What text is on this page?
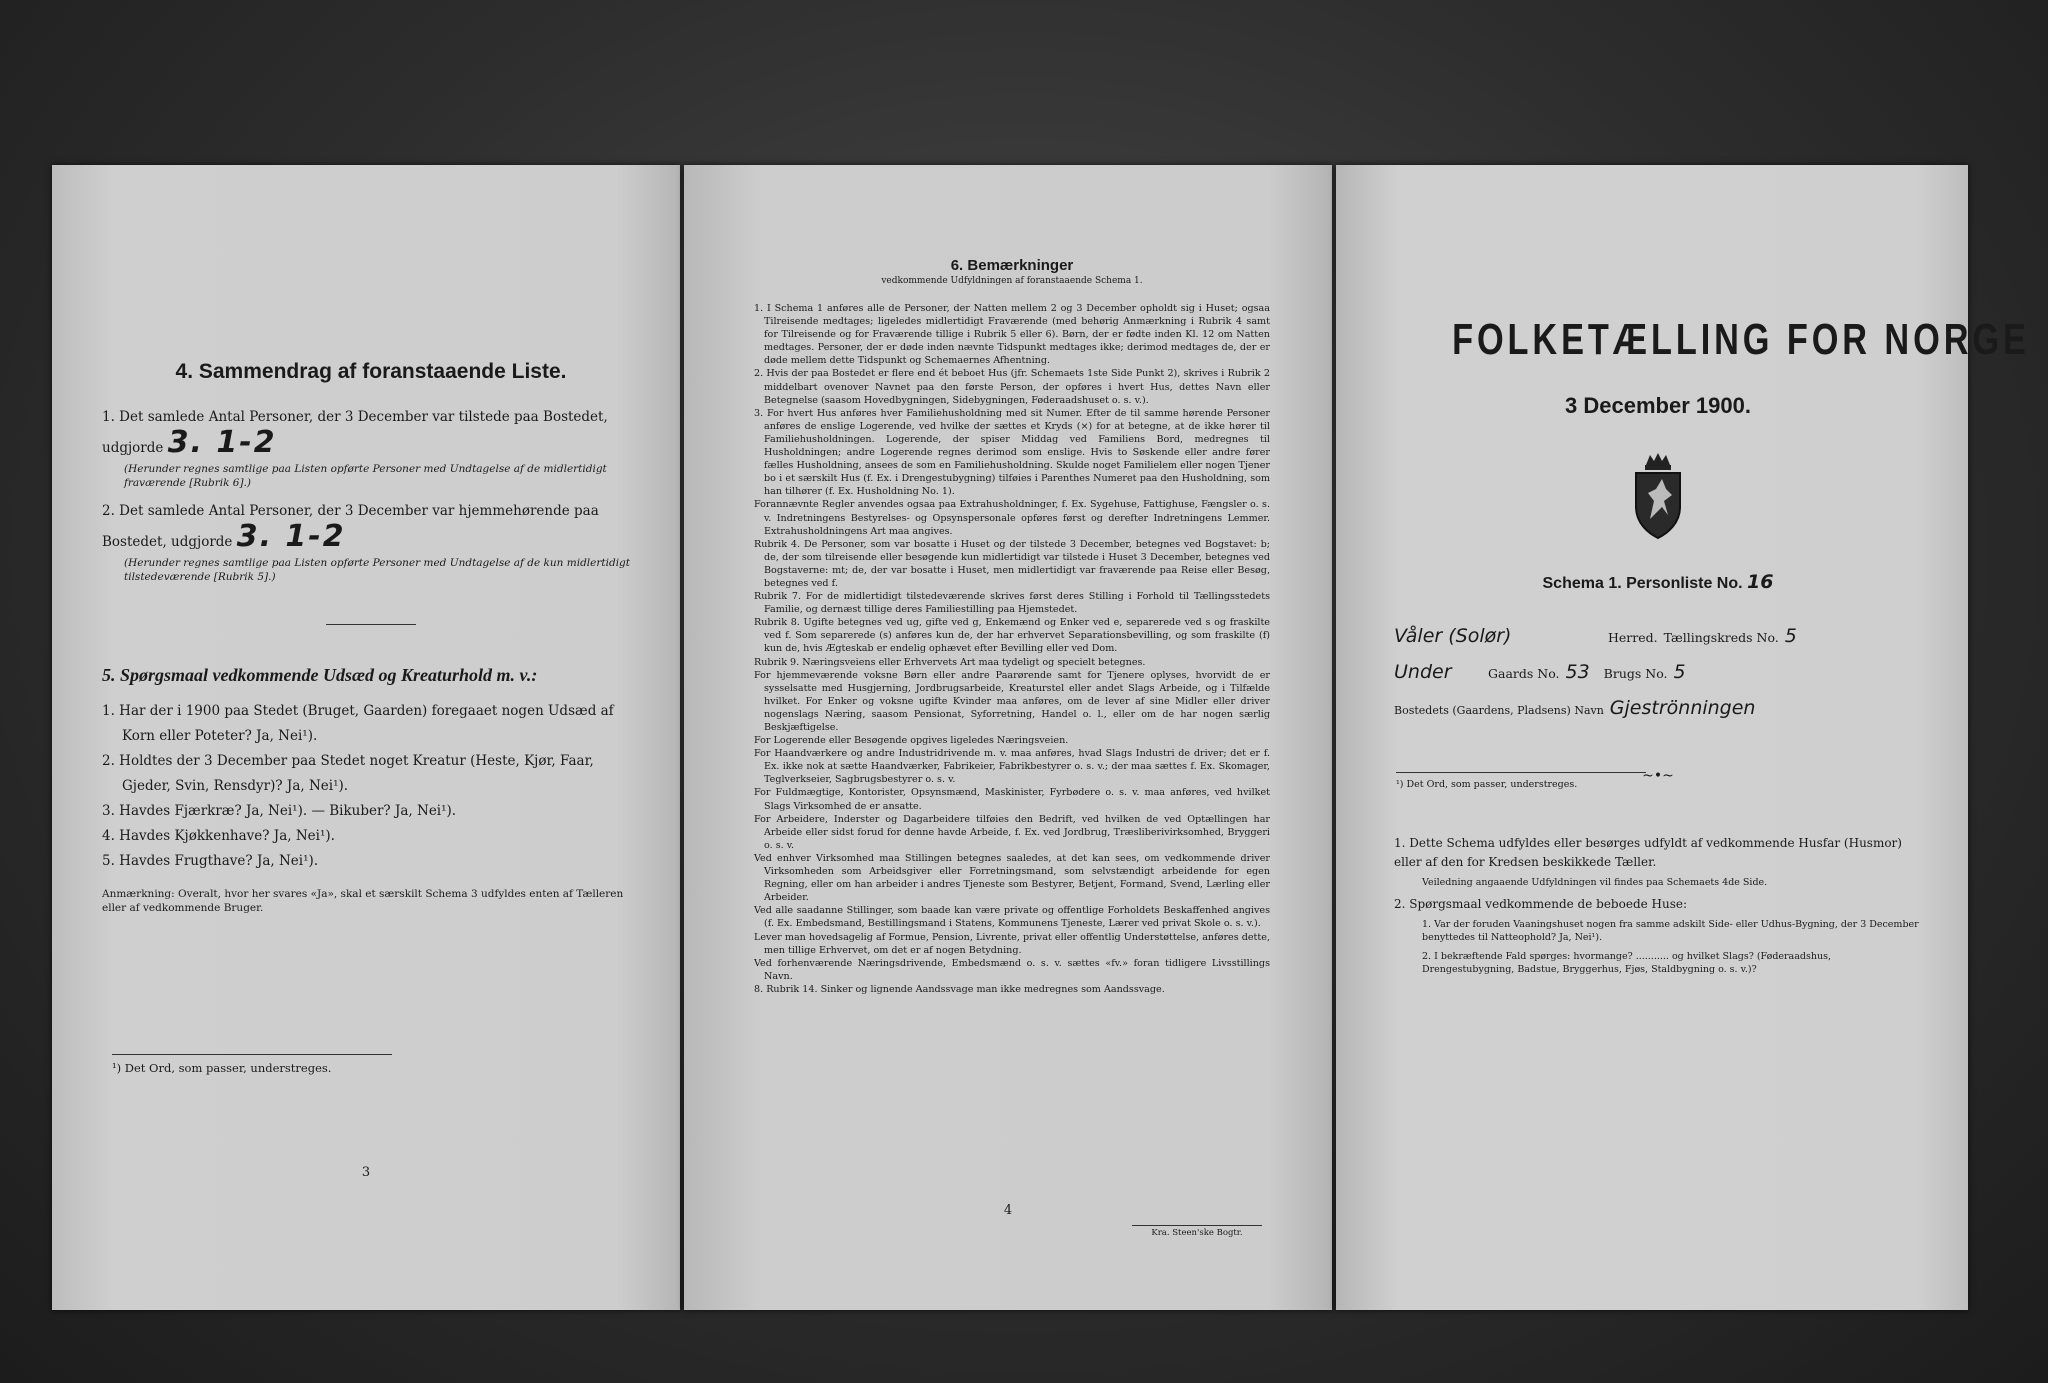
4. Sammendrag af foranstaaende Liste.
1. Det samlede Antal Personer, der 3 December var tilstede paa Bostedet,
udgjorde 3. 1-2
(Herunder regnes samtlige paa Listen opførte Personer med Undtagelse af de midlertidigt fraværende [Rubrik 6].)
2. Det samlede Antal Personer, der 3 December var hjemmehørende paa
Bostedet, udgjorde 3. 1-2
(Herunder regnes samtlige paa Listen opførte Personer med Undtagelse af de kun midlertidigt tilstedeværende [Rubrik 5].)
5. Spørgsmaal vedkommende Udsæd og Kreaturhold m. v.:
1. Har der i 1900 paa Stedet (Bruget, Gaarden) foregaaet nogen Udsæd af
Korn eller Poteter? Ja, Nei¹).
2. Holdtes der 3 December paa Stedet noget Kreatur (Heste, Kjør, Faar,
Gjeder, Svin, Rensdyr)? Ja, Nei¹).
3. Havdes Fjærkræ? Ja, Nei¹). — Bikuber? Ja, Nei¹).
4. Havdes Kjøkkenhave? Ja, Nei¹).
5. Havdes Frugthave? Ja, Nei¹).
Anmærkning: Overalt, hvor her svares «Ja», skal et særskilt Schema 3 udfyldes enten af Tælleren eller af vedkommende Bruger.
¹) Det Ord, som passer, understreges.
3
6. Bemærkninger
vedkommende Udfyldningen af foranstaaende Schema 1.
1. I Schema 1 anføres alle de Personer, der Natten mellem 2 og 3 December opholdt sig i Huset; ogsaa Tilreisende medtages; ligeledes midlertidigt Fraværende (med behørig Anmærkning i Rubrik 4 samt for Tilreisende og for Fraværende tillige i Rubrik 5 eller 6). Børn, der er fødte inden Kl. 12 om Natten medtages. Personer, der er døde inden nævnte Tidspunkt medtages ikke; derimod medtages de, der er døde mellem dette Tidspunkt og Schemaernes Afhentning.
2. Hvis der paa Bostedet er flere end ét beboet Hus (jfr. Schemaets 1ste Side Punkt 2), skrives i Rubrik 2 middelbart ovenover Navnet paa den første Person, der opføres i hvert Hus, dettes Navn eller Betegnelse (saasom Hovedbygningen, Sidebygningen, Føderaadshuset o. s. v.).
3. For hvert Hus anføres hver Familiehusholdning med sit Numer. Efter de til samme hørende Personer anføres de enslige Logerende, ved hvilke der sættes et Kryds (×) for at betegne, at de ikke hører til Familiehusholdningen. Logerende, der spiser Middag ved Familiens Bord, medregnes til Husholdningen; andre Logerende regnes derimod som enslige. Hvis to Søskende eller andre fører fælles Husholdning, ansees de som en Familiehusholdning. Skulde noget Familielem eller nogen Tjener bo i et særskilt Hus (f. Ex. i Drengestubygning) tilføies i Parenthes Numeret paa den Husholdning, som han tilhører (f. Ex. Husholdning No. 1).
Forannævnte Regler anvendes ogsaa paa Extrahusholdninger, f. Ex. Sygehuse, Fattighuse, Fængsler o. s. v. Indretningens Bestyrelses- og Opsynspersonale opføres først og derefter Indretningens Lemmer. Extrahusholdningens Art maa angives.
Rubrik 4. De Personer, som var bosatte i Huset og der tilstede 3 December, betegnes ved Bogstavet: b; de, der som tilreisende eller besøgende kun midlertidigt var tilstede i Huset 3 December, betegnes ved Bogstaverne: mt; de, der var bosatte i Huset, men midlertidigt var fraværende paa Reise eller Besøg, betegnes ved f.
Rubrik 7. For de midlertidigt tilstedeværende skrives først deres Stilling i Forhold til Tællingsstedets Familie, og dernæst tillige deres Familiestilling paa Hjemstedet.
Rubrik 8. Ugifte betegnes ved ug, gifte ved g, Enkemænd og Enker ved e, separerede ved s og fraskilte ved f. Som separerede (s) anføres kun de, der har erhvervet Separationsbevilling, og som fraskilte (f) kun de, hvis Ægteskab er endelig ophævet efter Bevilling eller ved Dom.
Rubrik 9. Næringsveiens eller Erhvervets Art maa tydeligt og specielt betegnes.
For hjemmeværende voksne Børn eller andre Paarørende samt for Tjenere oplyses, hvorvidt de er sysselsatte med Husgjerning, Jordbrugsarbeide, Kreaturstel eller andet Slags Arbeide, og i Tilfælde hvilket. For Enker og voksne ugifte Kvinder maa anføres, om de lever af sine Midler eller driver nogenslags Næring, saasom Pensionat, Syforretning, Handel o. l., eller om de har nogen særlig Beskjæftigelse.
For Logerende eller Besøgende opgives ligeledes Næringsveien.
For Haandværkere og andre Industridrivende m. v. maa anføres, hvad Slags Industri de driver; det er f. Ex. ikke nok at sætte Haandværker, Fabrikeier, Fabrikbestyrer o. s. v.; der maa sættes f. Ex. Skomager, Teglverkseier, Sagbrugsbestyrer o. s. v.
For Fuldmægtige, Kontorister, Opsynsmænd, Maskinister, Fyrbødere o. s. v. maa anføres, ved hvilket Slags Virksomhed de er ansatte.
For Arbeidere, Inderster og Dagarbeidere tilføies den Bedrift, ved hvilken de ved Optællingen har Arbeide eller sidst forud for denne havde Arbeide, f. Ex. ved Jordbrug, Træsliberivirksomhed, Bryggeri o. s. v.
Ved enhver Virksomhed maa Stillingen betegnes saaledes, at det kan sees, om vedkommende driver Virksomheden som Arbeidsgiver eller Forretningsmand, som selvstændigt arbeidende for egen Regning, eller om han arbeider i andres Tjeneste som Bestyrer, Betjent, Formand, Svend, Lærling eller Arbeider.
Ved alle saadanne Stillinger, som baade kan være private og offentlige Forholdets Beskaffenhed angives (f. Ex. Embedsmand, Bestillingsmand i Statens, Kommunens Tjeneste, Lærer ved privat Skole o. s. v.).
Lever man hovedsagelig af Formue, Pension, Livrente, privat eller offentlig Understøttelse, anføres dette, men tillige Erhvervet, om det er af nogen Betydning.
Ved forhenværende Næringsdrivende, Embedsmænd o. s. v. sættes «fv.» foran tidligere Livsstillings Navn.
8. Rubrik 14. Sinker og lignende Aandssvage man ikke medregnes som Aandssvage.
4
Kra. Steen'ske Bogtr.
FOLKETÆLLING FOR NORGE
3 December 1900.
Schema 1. Personliste No. 16
Våler (Solør)	Herred. Tællingskreds No. 5
Under	Gaards No. 53 Brugs No. 5
Bostedets (Gaardens, Pladsens) Navn Gjeströnningen
~•~
1. Dette Schema udfyldes eller besørges udfyldt af vedkommende Husfar (Husmor) eller af den for Kredsen beskikkede Tæller.
Veiledning angaaende Udfyldningen vil findes paa Schemaets 4de Side.
2. Spørgsmaal vedkommende de beboede Huse:
1. Var der foruden Vaaningshuset nogen fra samme adskilt Side- eller Udhus-Bygning, der 3 December benyttedes til Natteophold? Ja, Nei¹).
2. I bekræftende Fald spørges: hvormange? ........... og hvilket Slags? (Føderaadshus, Drengestubygning, Badstue, Bryggerhus, Fjøs, Staldbygning o. s. v.)?
¹) Det Ord, som passer, understreges.
